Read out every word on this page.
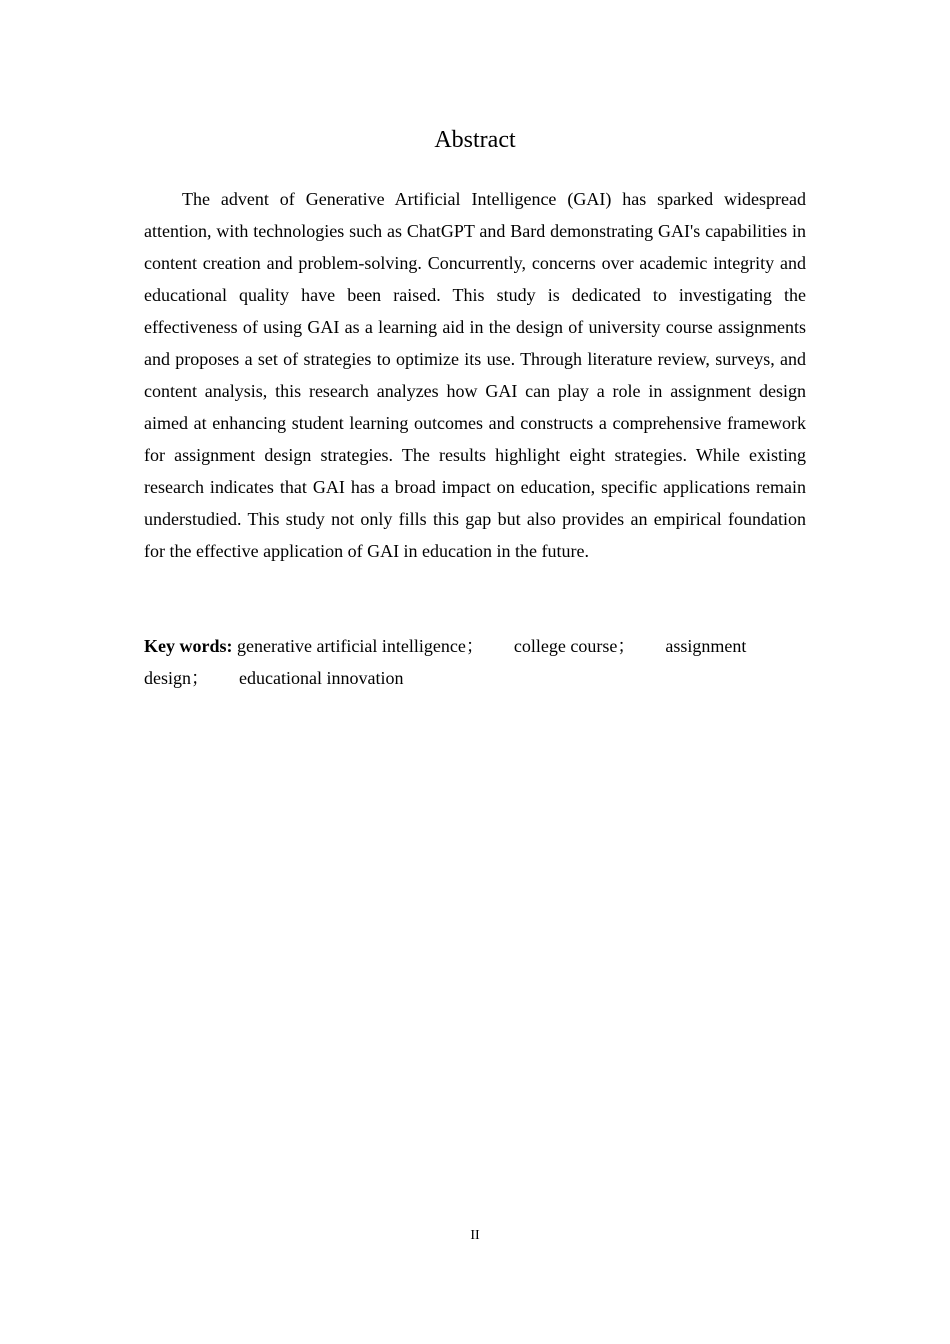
Abstract

The advent of Generative Artificial Intelligence (GAI) has sparked widespread attention, with technologies such as ChatGPT and Bard demonstrating GAI's capabilities in content creation and problem-solving. Concurrently, concerns over academic integrity and educational quality have been raised. This study is dedicated to investigating the effectiveness of using GAI as a learning aid in the design of university course assignments and proposes a set of strategies to optimize its use. Through literature review, surveys, and content analysis, this research analyzes how GAI can play a role in assignment design aimed at enhancing student learning outcomes and constructs a comprehensive framework for assignment design strategies. The results highlight eight strategies. While existing research indicates that GAI has a broad impact on education, specific applications remain understudied. This study not only fills this gap but also provides an empirical foundation for the effective application of GAI in education in the future.

Key words: generative artificial intelligence； college course； assignment design； educational innovation

II
